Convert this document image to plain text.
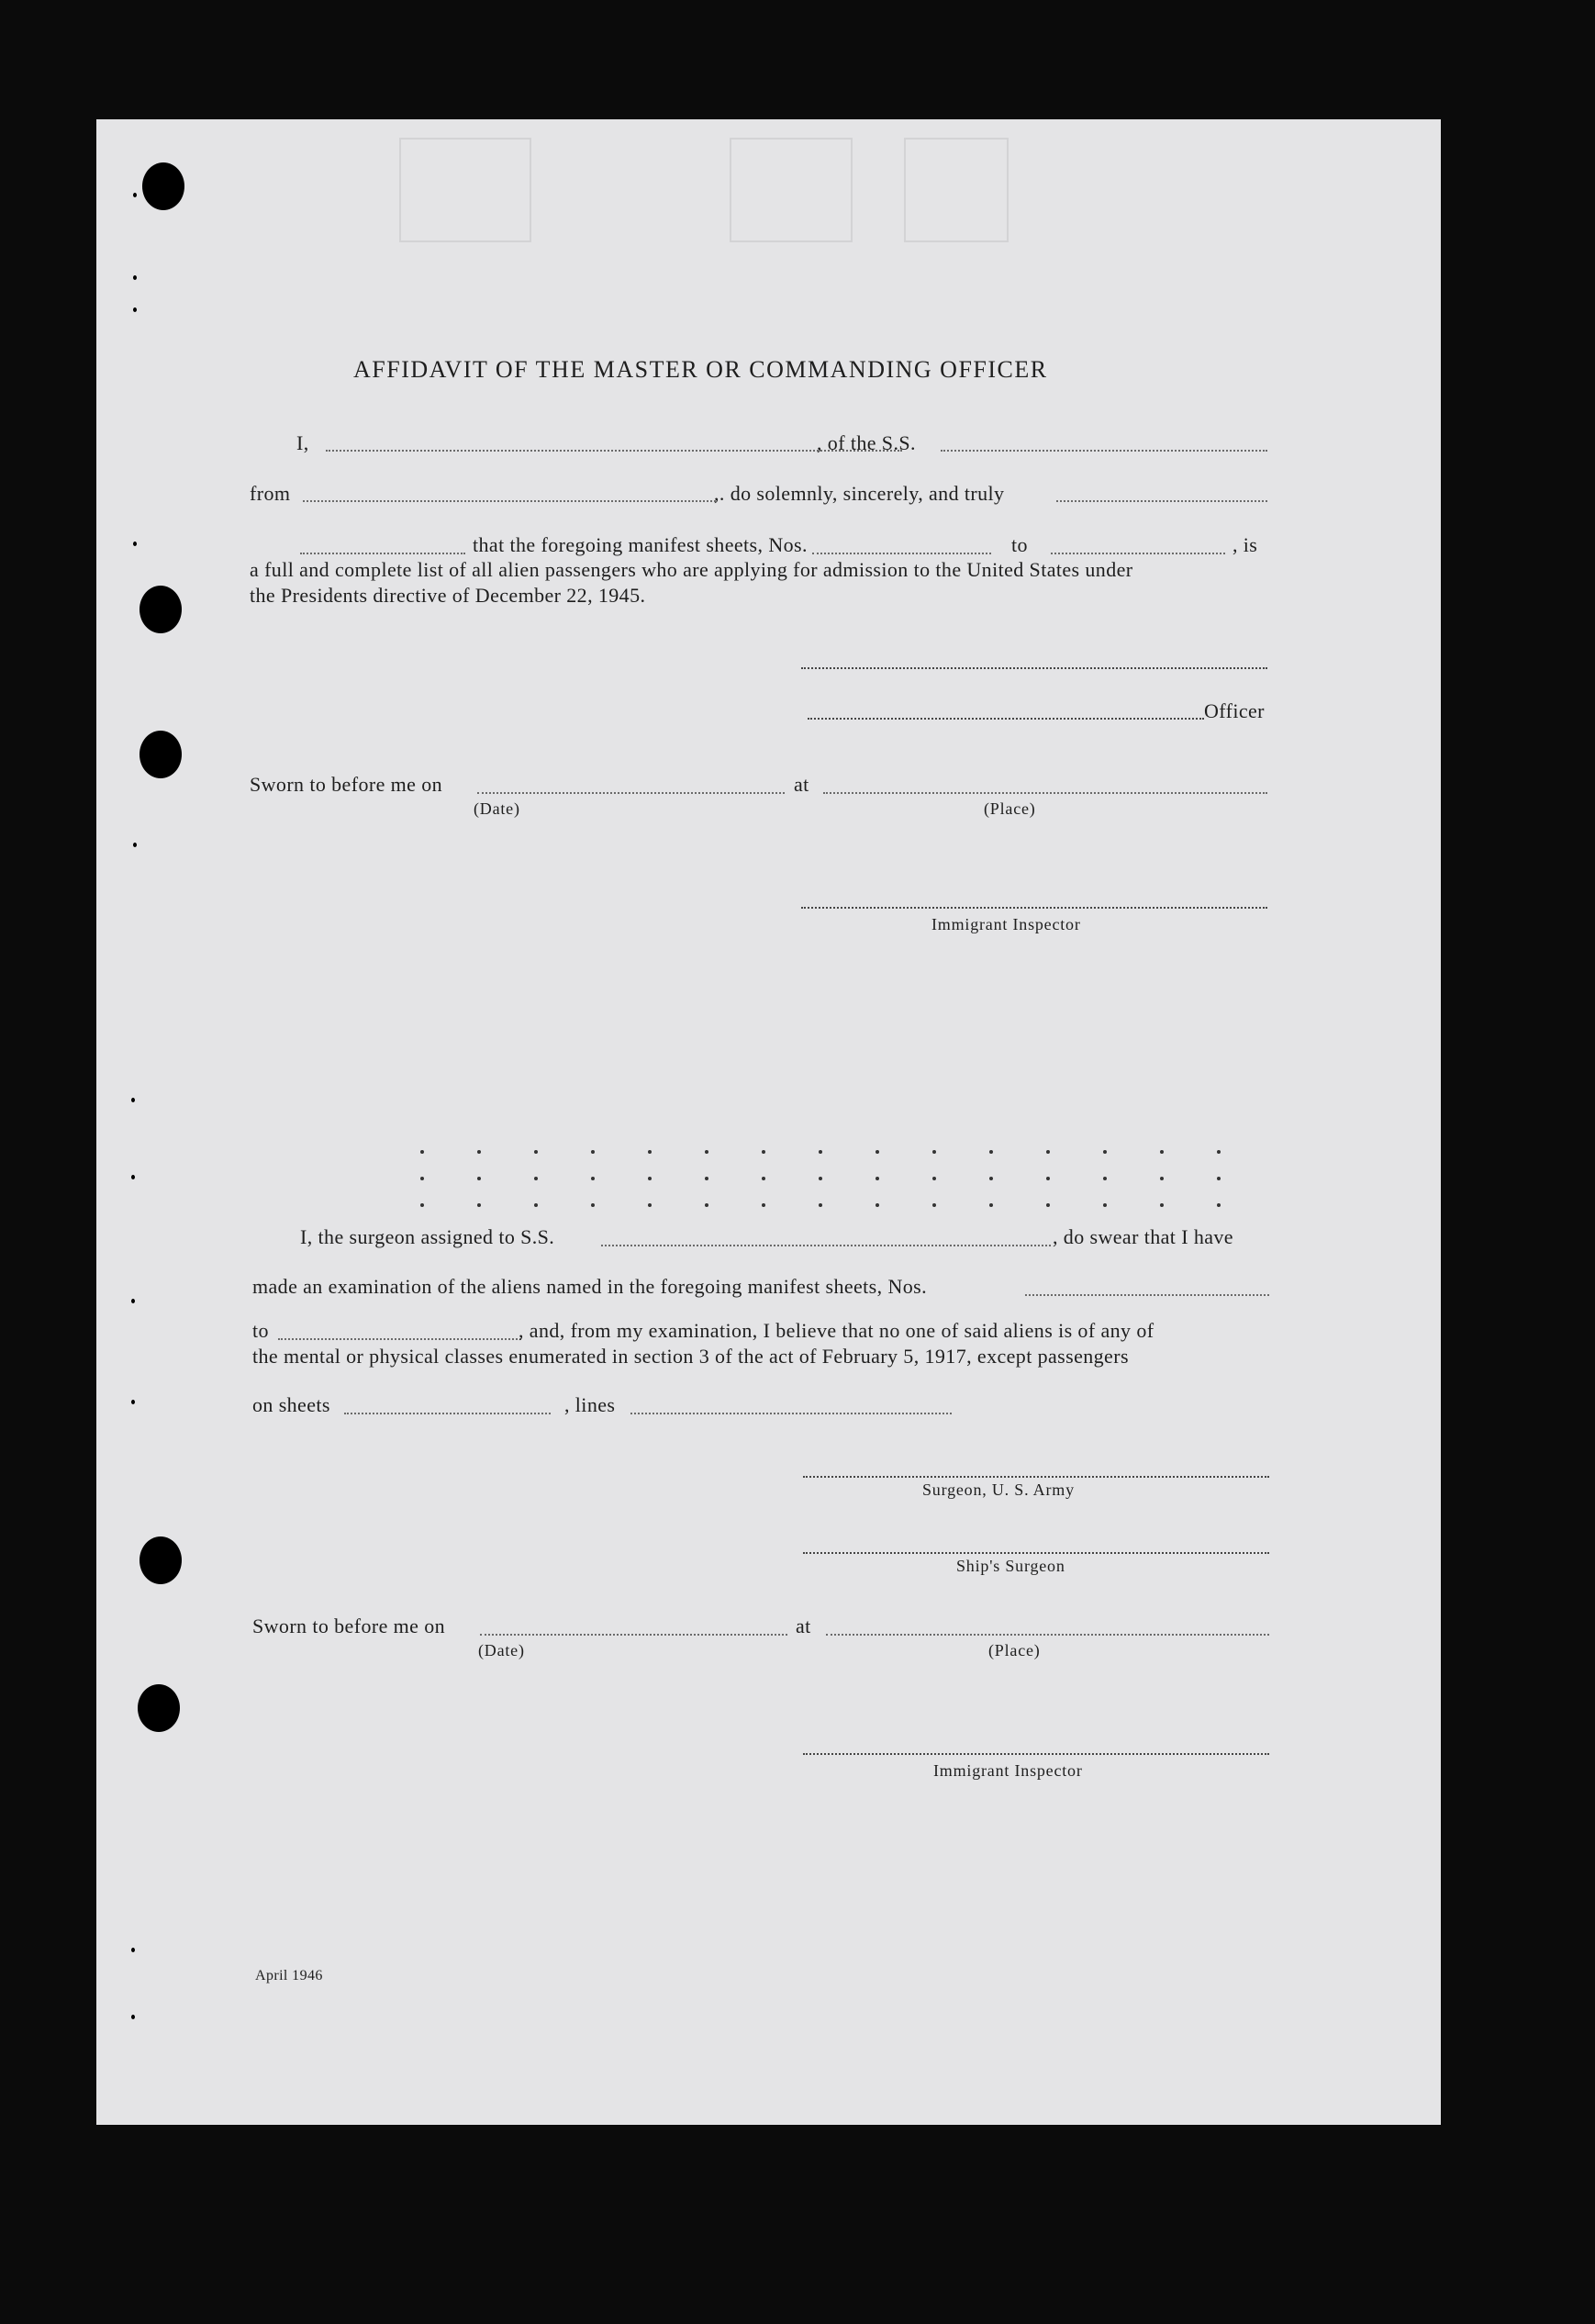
AFFIDAVIT OF THE MASTER OR COMMANDING OFFICER
I,	, of the S.S.
from	,. do solemnly, sincerely, and truly
that the foregoing manifest sheets, Nos.	to	, is
a full and complete list of all alien passengers who are applying for admission to the United States under
the Presidents directive of December 22, 1945.
Officer
Sworn to before me on	at
(Date)	(Place)
Immigrant Inspector
I, the surgeon assigned to S.S.	, do swear that I have
made an examination of the aliens named in the foregoing manifest sheets, Nos.
to	, and, from my examination, I believe that no one of said aliens is of any of
the mental or physical classes enumerated in section 3 of the act of February 5, 1917, except passengers
on sheets	, lines
Surgeon, U. S. Army
Ship's Surgeon
Sworn to before me on	at
(Date)	(Place)
Immigrant Inspector
April 1946
